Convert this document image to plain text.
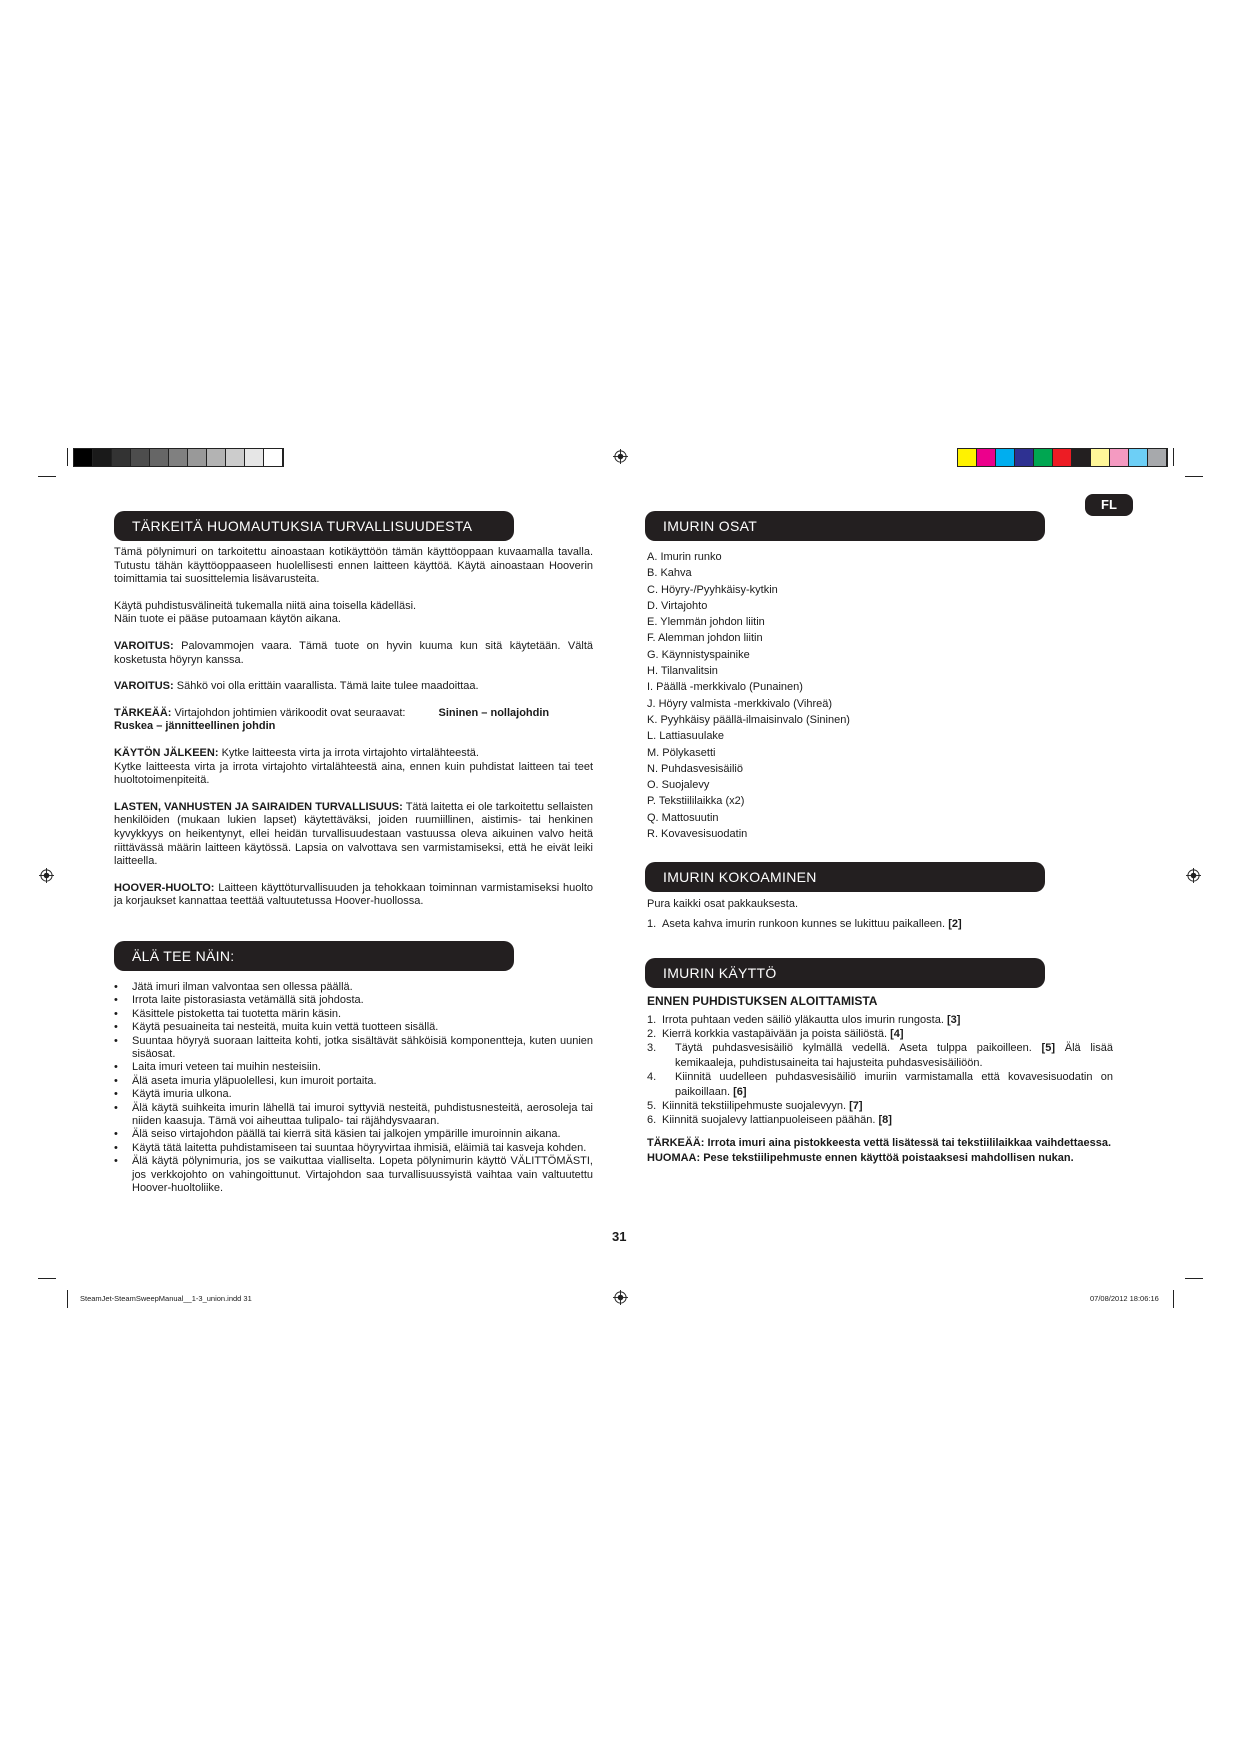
FL
TÄRKEITÄ HUOMAUTUKSIA TURVALLISUUDESTA

Tämä pölynimuri on tarkoitettu ainoastaan kotikäyttöön tämän käyttöoppaan kuvaamalla tavalla. Tutustu tähän käyttöoppaaseen huolellisesti ennen laitteen käyttöä. Käytä ainoastaan Hooverin toimittamia tai suosittelemia lisävarusteita.

Käytä puhdistusvälineitä tukemalla niitä aina toisella kädelläsi.
Näin tuote ei pääse putoamaan käytön aikana.

VAROITUS: Palovammojen vaara. Tämä tuote on hyvin kuuma kun sitä käytetään. Vältä kosketusta höyryn kanssa.

VAROITUS: Sähkö voi olla erittäin vaarallista. Tämä laite tulee maadoittaa.

TÄRKEÄÄ: Virtajohdon johtimien värikoodit ovat seuraavat:	Sininen – nollajohdin
Ruskea – jännitteellinen johdin

KÄYTÖN JÄLKEEN: Kytke laitteesta virta ja irrota virtajohto virtalähteestä.
Kytke laitteesta virta ja irrota virtajohto virtalähteestä aina, ennen kuin puhdistat laitteen tai teet huoltotoimenpiteitä.

LASTEN, VANHUSTEN JA SAIRAIDEN TURVALLISUUS: Tätä laitetta ei ole tarkoitettu sellaisten henkilöiden (mukaan lukien lapset) käytettäväksi, joiden ruumiillinen, aistimis- tai henkinen kyvykkyys on heikentynyt, ellei heidän turvallisuudestaan vastuussa oleva aikuinen valvo heitä riittävässä määrin laitteen käytössä. Lapsia on valvottava sen varmistamiseksi, että he eivät leiki laitteella.

HOOVER-HUOLTO: Laitteen käyttöturvallisuuden ja tehokkaan toiminnan varmistamiseksi huolto ja korjaukset kannattaa teettää valtuutetussa Hoover-huollossa.

ÄLÄ TEE NÄIN:
• Jätä imuri ilman valvontaa sen ollessa päällä.
• Irrota laite pistorasiasta vetämällä sitä johdosta.
• Käsittele pistoketta tai tuotetta märin käsin.
• Käytä pesuaineita tai nesteitä, muita kuin vettä tuotteen sisällä.
• Suuntaa höyryä suoraan laitteita kohti, jotka sisältävät sähköisiä komponentteja, kuten uunien sisäosat.
• Laita imuri veteen tai muihin nesteisiin.
• Älä aseta imuria yläpuolellesi, kun imuroit portaita.
• Käytä imuria ulkona.
• Älä käytä suihkeita imurin lähellä tai imuroi syttyviä nesteitä, puhdistusnesteitä, aerosoleja tai niiden kaasuja. Tämä voi aiheuttaa tulipalo- tai räjähdysvaaran.
• Älä seiso virtajohdon päällä tai kierrä sitä käsien tai jalkojen ympärille imuroinnin aikana.
• Käytä tätä laitetta puhdistamiseen tai suuntaa höyryvirtaa ihmisiä, eläimiä tai kasveja kohden.
• Älä käytä pölynimuria, jos se vaikuttaa vialliselta. Lopeta pölynimurin käyttö VÄLITTÖMÄSTI, jos verkkojohto on vahingoittunut. Virtajohdon saa turvallisuussyistä vaihtaa vain valtuutettu Hoover-huoltoliike.
IMURIN OSAT
A. Imurin runko
B. Kahva
C. Höyry-/Pyyhkäisy-kytkin
D. Virtajohto
E. Ylemmän johdon liitin
F. Alemman johdon liitin
G. Käynnistyspainike
H. Tilanvalitsin
I. Päällä -merkkivalo (Punainen)
J. Höyry valmista -merkkivalo (Vihreä)
K. Pyyhkäisy päällä-ilmaisinvalo (Sininen)
L. Lattiasuulake
M. Pölykasetti
N. Puhdasvesisäiliö
O. Suojalevy
P. Tekstiililaikka (x2)
Q. Mattosuutin
R. Kovavesisuodatin
IMURIN KOKOAMINEN

Pura kaikki osat pakkauksesta.

1. Aseta kahva imurin runkoon kunnes se lukittuu paikalleen. [2]
IMURIN KÄYTTÖ
ENNEN PUHDISTUKSEN ALOITTAMISTA
1. Irrota puhtaan veden säiliö yläkautta ulos imurin rungosta. [3]
2. Kierrä korkkia vastapäivään ja poista säiliöstä. [4]
3. Täytä puhdasvesisäiliö kylmällä vedellä. Aseta tulppa paikoilleen. [5] Älä lisää kemikaaleja, puhdistusaineita tai hajusteita puhdasvesisäiliöön.
4. Kiinnitä uudelleen puhdasvesisäiliö imuriin varmistamalla että kovavesisuodatin on paikoillaan. [6]
5. Kiinnitä tekstiilipehmuste suojalevyyn. [7]
6. Kiinnitä suojalevy lattianpuoleiseen päähän. [8]
TÄRKEÄÄ: Irrota imuri aina pistokkeesta vettä lisätessä tai tekstiililaikkaa vaihdettaessa.
HUOMAA: Pese tekstiilipehmuste ennen käyttöä poistaaksesi mahdollisen nukan.
31
SteamJet-SteamSweepManual__1-3_union.indd 31	07/08/2012 18:06:16
